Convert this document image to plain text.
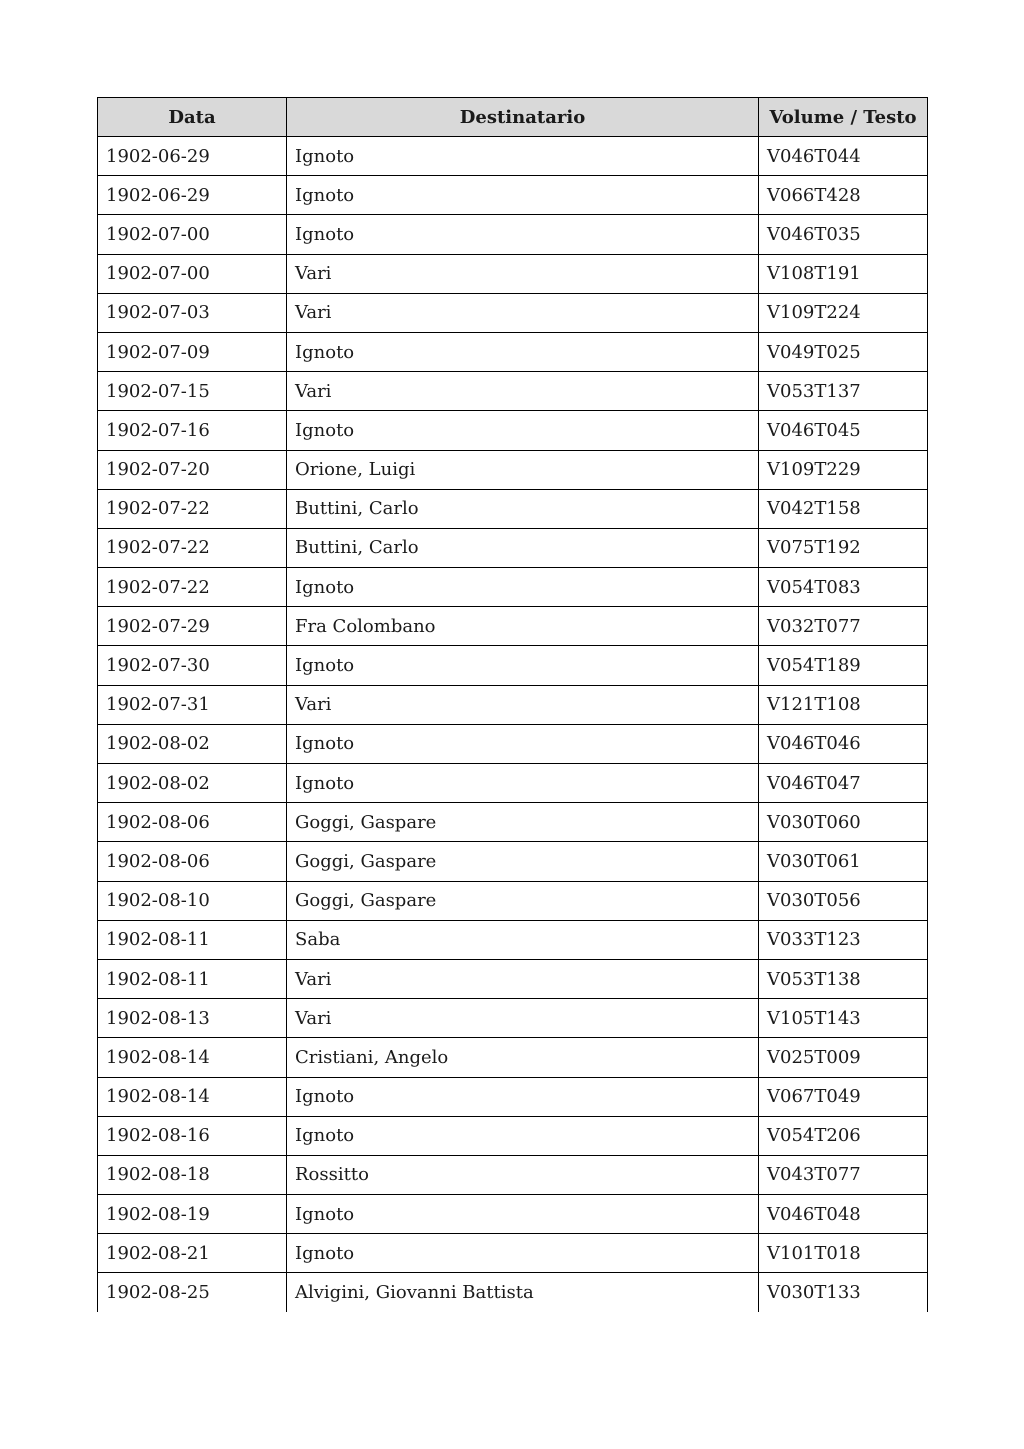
Data	Destinatario	Volume / Testo
1902-06-29	Ignoto	V046T044
1902-06-29	Ignoto	V066T428
1902-07-00	Ignoto	V046T035
1902-07-00	Vari	V108T191
1902-07-03	Vari	V109T224
1902-07-09	Ignoto	V049T025
1902-07-15	Vari	V053T137
1902-07-16	Ignoto	V046T045
1902-07-20	Orione, Luigi	V109T229
1902-07-22	Buttini, Carlo	V042T158
1902-07-22	Buttini, Carlo	V075T192
1902-07-22	Ignoto	V054T083
1902-07-29	Fra Colombano	V032T077
1902-07-30	Ignoto	V054T189
1902-07-31	Vari	V121T108
1902-08-02	Ignoto	V046T046
1902-08-02	Ignoto	V046T047
1902-08-06	Goggi, Gaspare	V030T060
1902-08-06	Goggi, Gaspare	V030T061
1902-08-10	Goggi, Gaspare	V030T056
1902-08-11	Saba	V033T123
1902-08-11	Vari	V053T138
1902-08-13	Vari	V105T143
1902-08-14	Cristiani, Angelo	V025T009
1902-08-14	Ignoto	V067T049
1902-08-16	Ignoto	V054T206
1902-08-18	Rossitto	V043T077
1902-08-19	Ignoto	V046T048
1902-08-21	Ignoto	V101T018
1902-08-25	Alvigini, Giovanni Battista	V030T133
